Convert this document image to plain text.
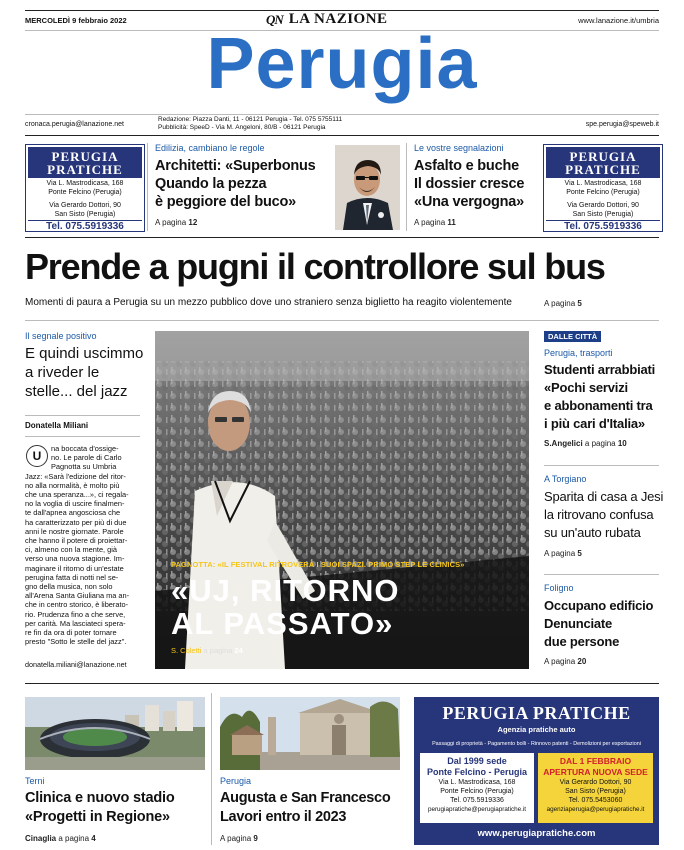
MERCOLEDÌ 9 febbraio 2022	QN LA NAZIONE	www.lanazione.it/umbria
Perugia
cronaca.perugia@lanazione.net
Redazione: Piazza Danti, 11 - 06121 Perugia - Tel. 075 5755111
Pubblicità: SpeeD - Via M. Angeloni, 80/B - 06121 Perugia	spe.perugia@speweb.it
PERUGIA
PRATICHE
Via L. Mastrodicasa, 168
Ponte Felcino (Perugia)
Via Gerardo Dottori, 90
San Sisto (Perugia)
Tel. 075.5919336
Edilizia, cambiano le regole
Architetti: «Superbonus
Quando la pezza
è peggiore del buco»
A pagina 12
Le vostre segnalazioni
Asfalto e buche
Il dossier cresce
«Una vergogna»
A pagina 11
PERUGIA
PRATICHE
Via L. Mastrodicasa, 168
Ponte Felcino (Perugia)
Via Gerardo Dottori, 90
San Sisto (Perugia)
Tel. 075.5919336
Prende a pugni il controllore sul bus
Momenti di paura a Perugia su un mezzo pubblico dove uno straniero senza biglietto ha reagito violentemente	A pagina 5
Il segnale positivo
E quindi uscimmo
a riveder le
stelle... del jazz
Donatella Miliani
U
na boccata d'ossige-
no. Le parole di Carlo
Pagnotta su Umbria
Jazz: «Sarà l'edizione del ritor-
no alla normalità, è molto più
che una speranza...», ci regala-
no la voglia di uscire finalmen-
te dall'apnea angosciosa che
ha caratterizzato per più di due
anni le nostre giornate. Parole
che hanno il potere di proiettar-
ci, almeno con la mente, già
verso una nuova stagione. Im-
maginare il ritorno di un'estate
perugina fatta di notti nel se-
gno della musica, non solo
all'Arena Santa Giuliana ma an-
che in centro storico, è liberato-
rio. Prudenza fino a che serve,
per carità. Ma lasciateci spera-
re fin da ora di poter tornare
presto "Sotto le stelle del jazz".
donatella.miliani@lanazione.net
PAGNOTTA: «IL FESTIVAL RITROVERÀ I SUOI SPAZI. PRIMO STEP LE CLINICS»
«UJ, RITORNO
AL PASSATO»
S. Coletti a pagina 24
DALLE CITTÀ
Perugia, trasporti
Studenti arrabbiati
«Pochi servizi
e abbonamenti tra
i più cari d'Italia»
S.Angelici a pagina 10
A Torgiano
Sparita di casa a Jesi
la ritrovano confusa
su un'auto rubata
A pagina 5
Foligno
Occupano edificio
Denunciate
due persone
A pagina 20
Terni
Clinica e nuovo stadio
«Progetti in Regione»
Cinaglia a pagina 4
Perugia
Augusta e San Francesco
Lavori entro il 2023
A pagina 9
PERUGIA PRATICHE
Agenzia pratiche auto
Passaggi di proprietà - Pagamento bolli - Rinnovo patenti - Demolizioni per esportazioni
Dal 1999 sede
Ponte Felcino - Perugia
Via L. Mastrodicasa, 168
Ponte Felcino (Perugia)
Tel. 075.5919336
perugiapratiche@perugiapratiche.it
DAL 1 FEBBRAIO
APERTURA NUOVA SEDE
Via Gerardo Dottori, 90
San Sisto (Perugia)
Tel. 075.5453060
agenziaperugia@perugiapratiche.it
www.perugiapratiche.com
